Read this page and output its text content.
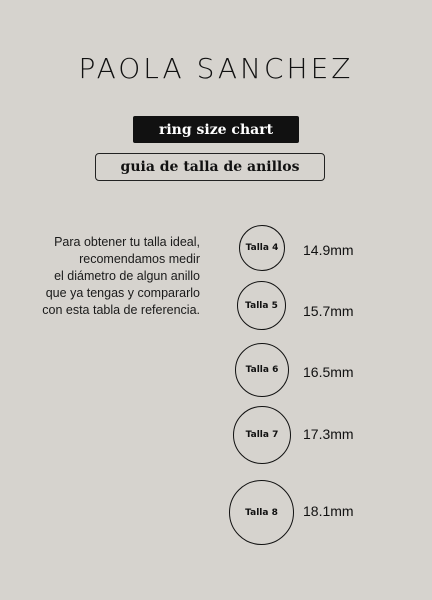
PAOLA SANCHEZ
ring size chart
guia de talla de anillos

Para obtener tu talla ideal,
recomendamos medir
el diámetro de algun anillo
que ya tengas y compararlo
con esta tabla de referencia.

Talla 4 14.9mm
Talla 5 15.7mm
Talla 6 16.5mm
Talla 7 17.3mm
Talla 8 18.1mm
